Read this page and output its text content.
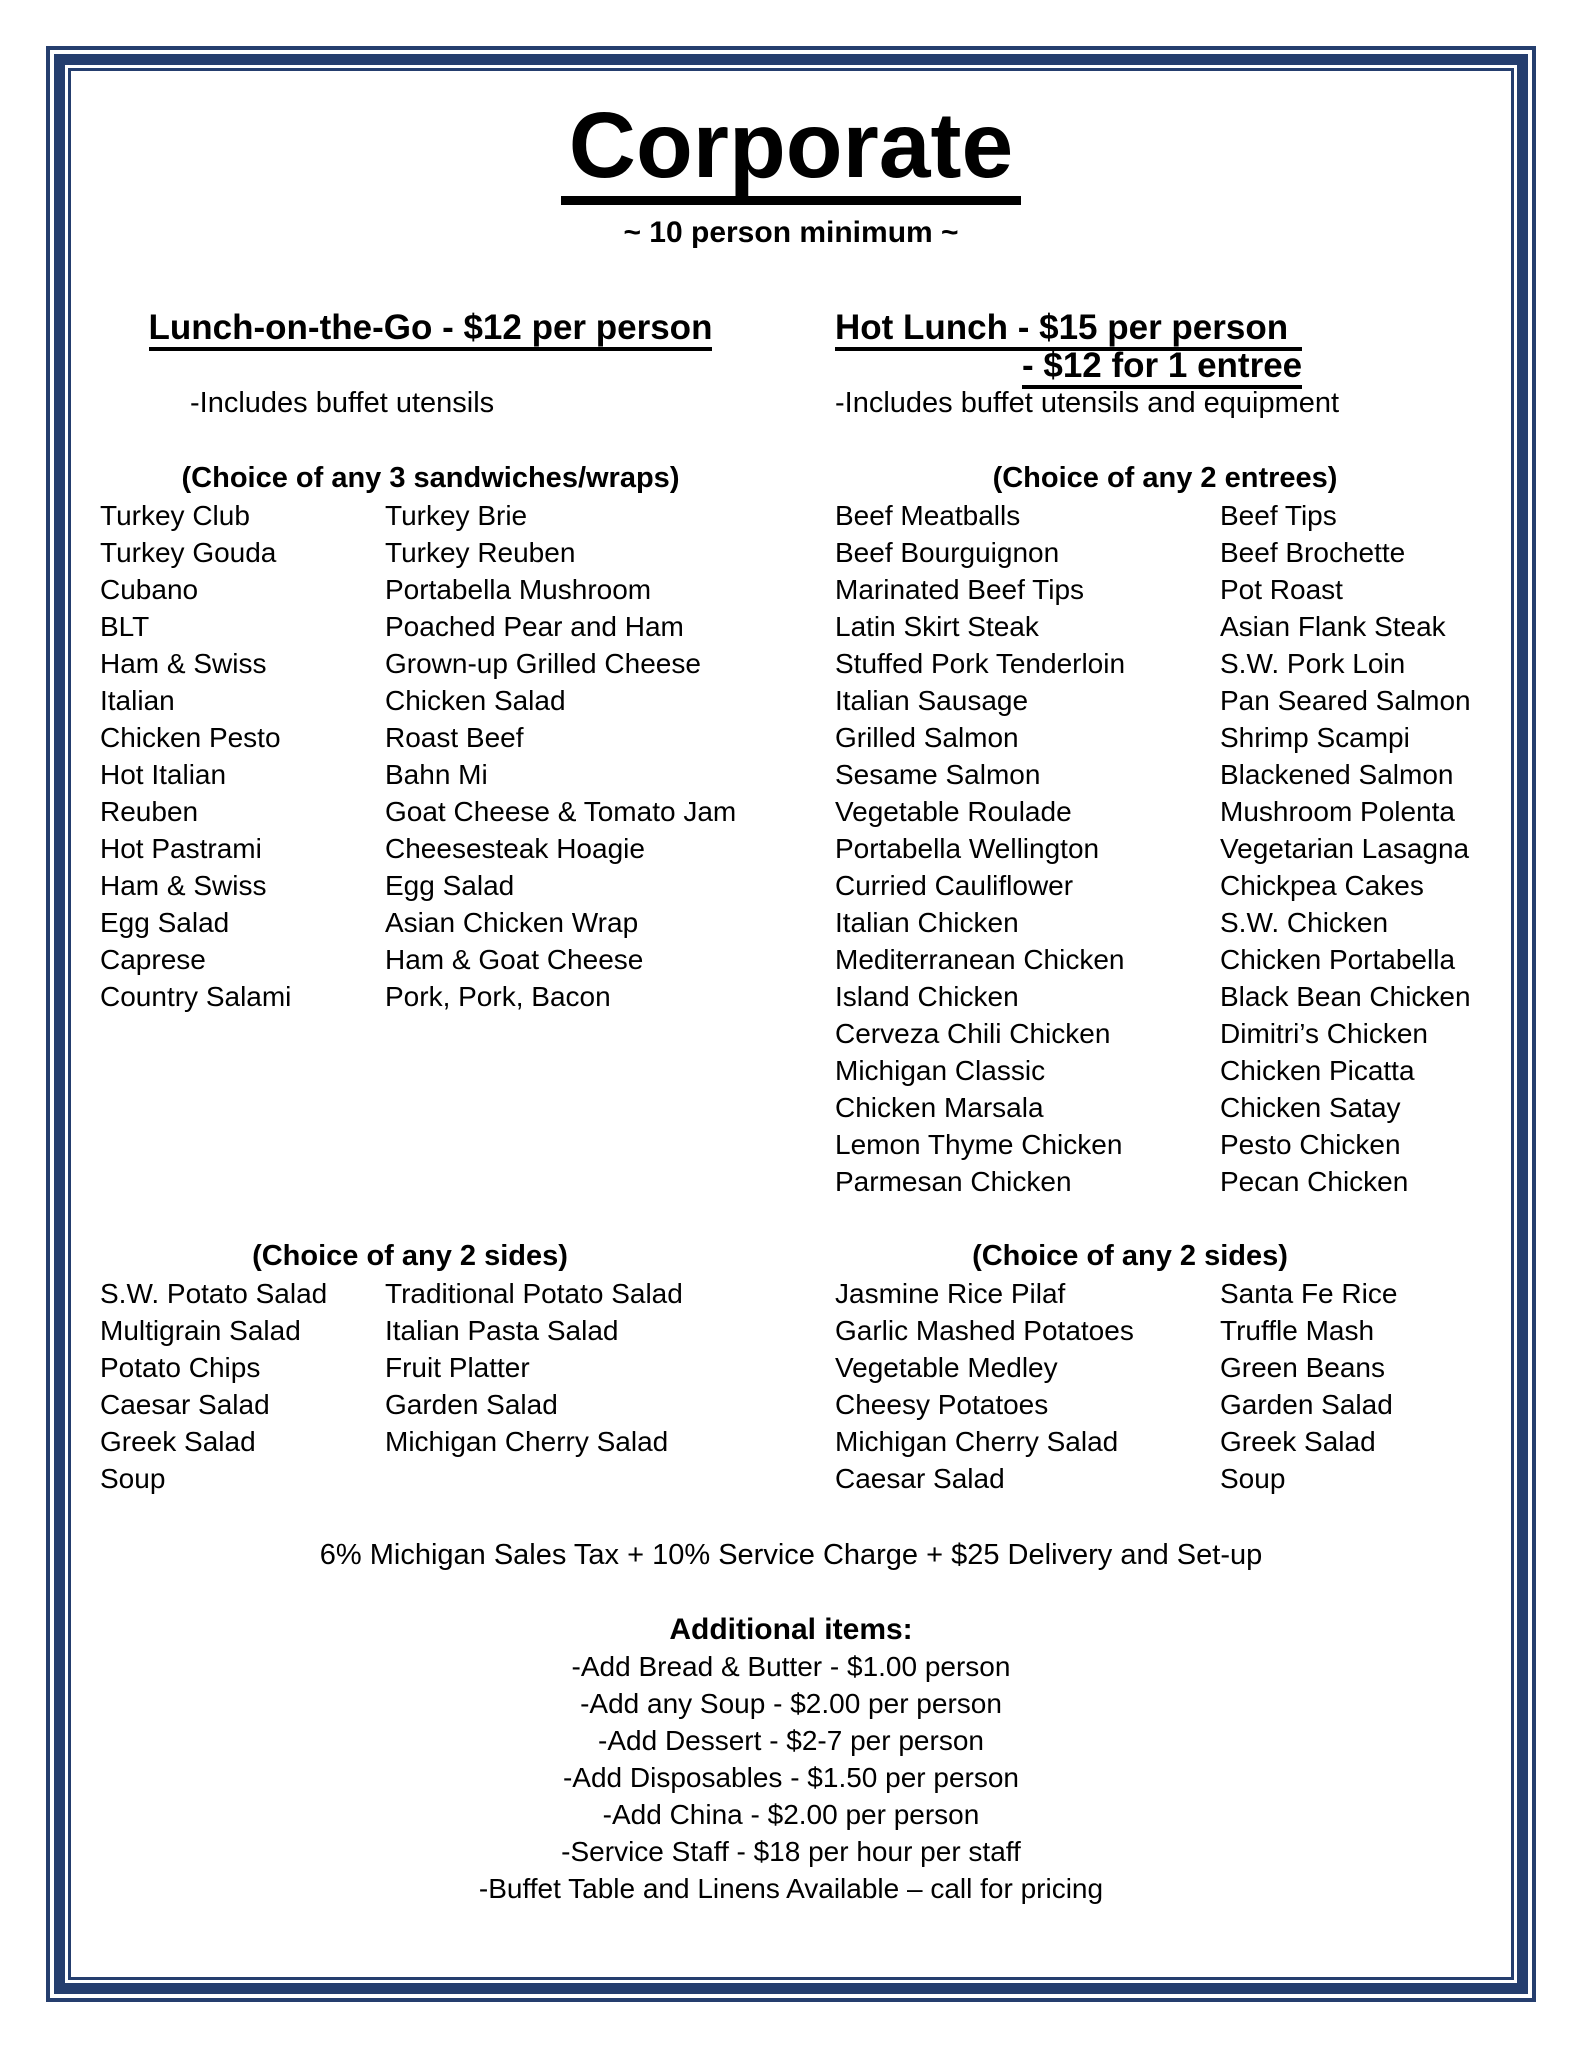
Corporate
~ 10 person minimum ~
Lunch-on-the-Go - $12 per person
-Includes buffet utensils
(Choice of any 3 sandwiches/wraps)
Turkey Club
Turkey Gouda
Cubano
BLT
Ham & Swiss
Italian
Chicken Pesto
Hot Italian
Reuben
Hot Pastrami
Ham & Swiss
Egg Salad
Caprese
Country Salami
Turkey Brie
Turkey Reuben
Portabella Mushroom
Poached Pear and Ham
Grown-up Grilled Cheese
Chicken Salad
Roast Beef
Bahn Mi
Goat Cheese & Tomato Jam
Cheesesteak Hoagie
Egg Salad
Asian Chicken Wrap
Ham & Goat Cheese
Pork, Pork, Bacon
Hot Lunch - $15 per person
- $12 for 1 entree
-Includes buffet utensils and equipment
(Choice of any 2 entrees)
Beef Meatballs
Beef Bourguignon
Marinated Beef Tips
Latin Skirt Steak
Stuffed Pork Tenderloin
Italian Sausage
Grilled Salmon
Sesame Salmon
Vegetable Roulade
Portabella Wellington
Curried Cauliflower
Italian Chicken
Mediterranean Chicken
Island Chicken
Cerveza Chili Chicken
Michigan Classic
Chicken Marsala
Lemon Thyme Chicken
Parmesan Chicken
Beef Tips
Beef Brochette
Pot Roast
Asian Flank Steak
S.W. Pork Loin
Pan Seared Salmon
Shrimp Scampi
Blackened Salmon
Mushroom Polenta
Vegetarian Lasagna
Chickpea Cakes
S.W. Chicken
Chicken Portabella
Black Bean Chicken
Dimitri’s Chicken
Chicken Picatta
Chicken Satay
Pesto Chicken
Pecan Chicken
(Choice of any 2 sides)
S.W. Potato Salad
Multigrain Salad
Potato Chips
Caesar Salad
Greek Salad
Soup
Traditional Potato Salad
Italian Pasta Salad
Fruit Platter
Garden Salad
Michigan Cherry Salad
(Choice of any 2 sides)
Jasmine Rice Pilaf
Garlic Mashed Potatoes
Vegetable Medley
Cheesy Potatoes
Michigan Cherry Salad
Caesar Salad
Santa Fe Rice
Truffle Mash
Green Beans
Garden Salad
Greek Salad
Soup
6% Michigan Sales Tax + 10% Service Charge + $25 Delivery and Set-up
Additional items:
-Add Bread & Butter - $1.00 person
-Add any Soup - $2.00 per person
-Add Dessert - $2-7 per person
-Add Disposables - $1.50 per person
-Add China - $2.00 per person
-Service Staff - $18 per hour per staff
-Buffet Table and Linens Available – call for pricing
